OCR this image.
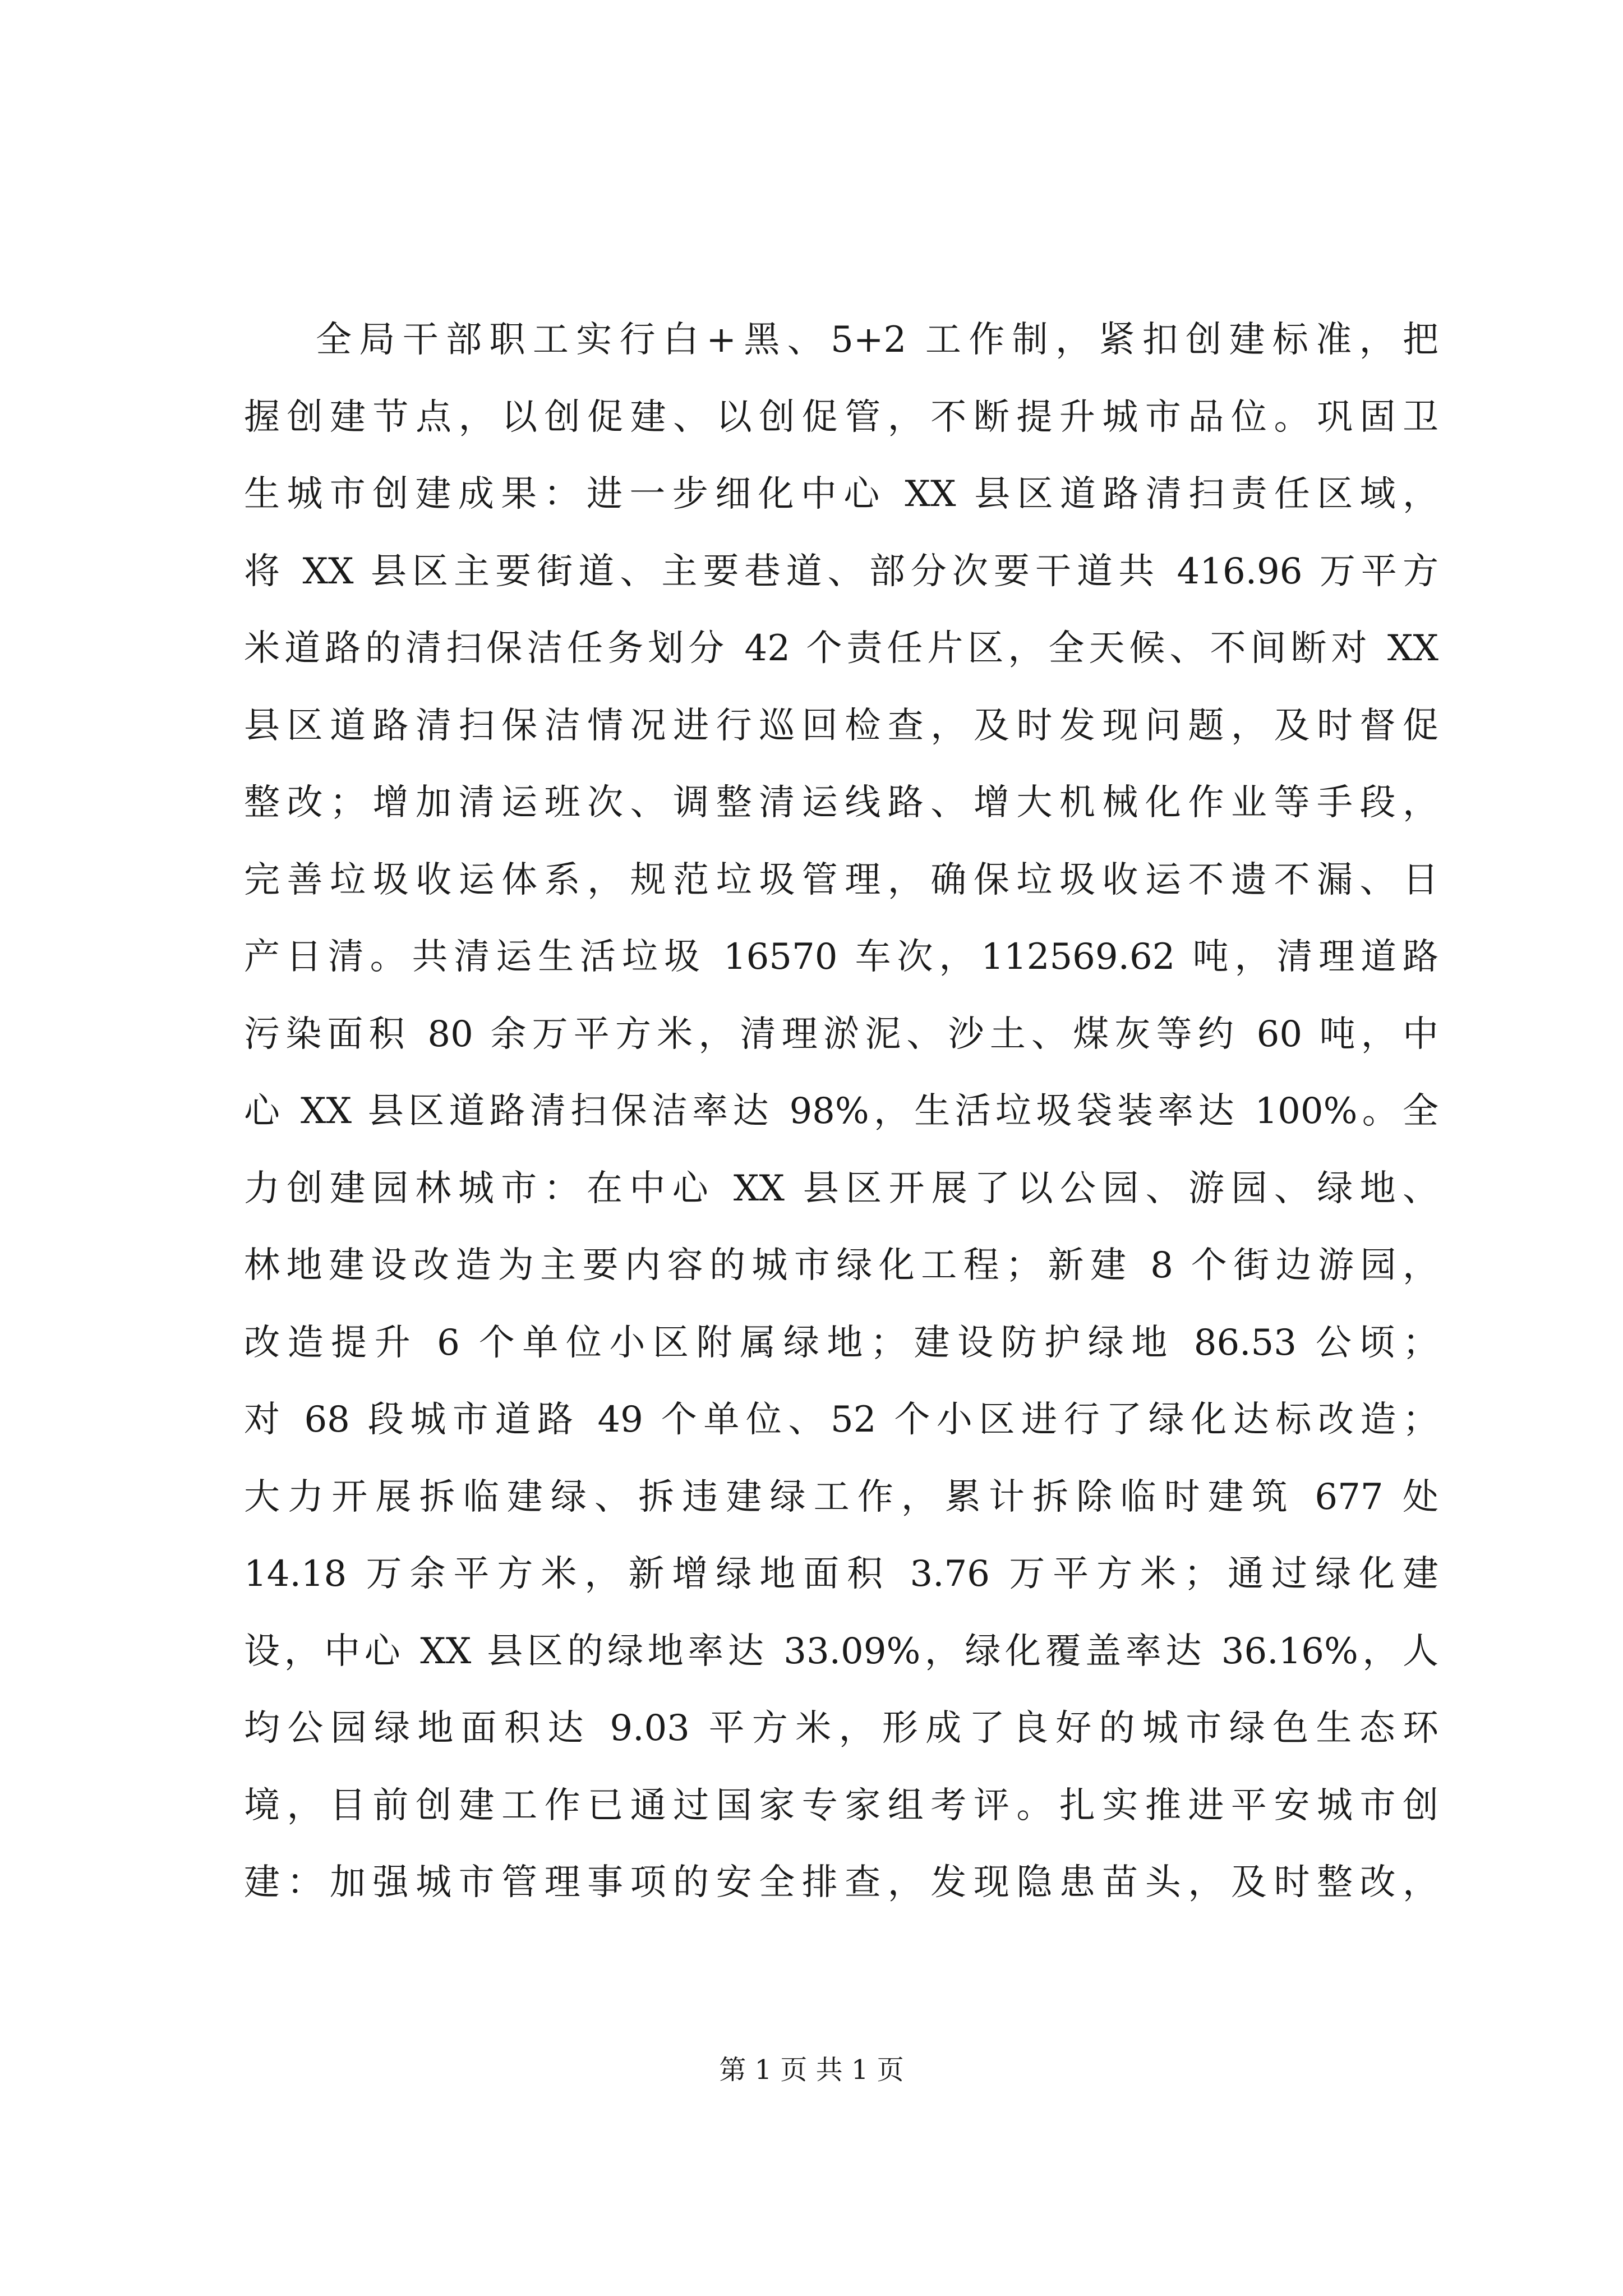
全局干部职工实行白+黑、5+2 工作制，紧扣创建标准，把
握创建节点，以创促建、以创促管，不断提升城市品位。巩固卫
生城市创建成果：进一步细化中心 XX 县区道路清扫责任区域，
将 XX 县区主要街道、主要巷道、部分次要干道共 416.96 万平方
米道路的清扫保洁任务划分 42 个责任片区，全天候、不间断对 XX
县区道路清扫保洁情况进行巡回检查，及时发现问题，及时督促
整改；增加清运班次、调整清运线路、增大机械化作业等手段，
完善垃圾收运体系，规范垃圾管理，确保垃圾收运不遗不漏、日
产日清。共清运生活垃圾 16570 车次，112569.62 吨，清理道路
污染面积 80 余万平方米，清理淤泥、沙土、煤灰等约 60 吨，中
心 XX 县区道路清扫保洁率达 98%，生活垃圾袋装率达 100%。全
力创建园林城市：在中心 XX 县区开展了以公园、游园、绿地、
林地建设改造为主要内容的城市绿化工程；新建 8 个街边游园，
改造提升 6 个单位小区附属绿地；建设防护绿地 86.53 公顷；
对 68 段城市道路 49 个单位、52 个小区进行了绿化达标改造；
大力开展拆临建绿、拆违建绿工作，累计拆除临时建筑 677 处
14.18 万余平方米，新增绿地面积 3.76 万平方米；通过绿化建
设，中心 XX 县区的绿地率达 33.09%，绿化覆盖率达 36.16%，人
均公园绿地面积达 9.03 平方米，形成了良好的城市绿色生态环
境，目前创建工作已通过国家专家组考评。扎实推进平安城市创
建：加强城市管理事项的安全排查，发现隐患苗头，及时整改，
第 1 页 共 1 页
